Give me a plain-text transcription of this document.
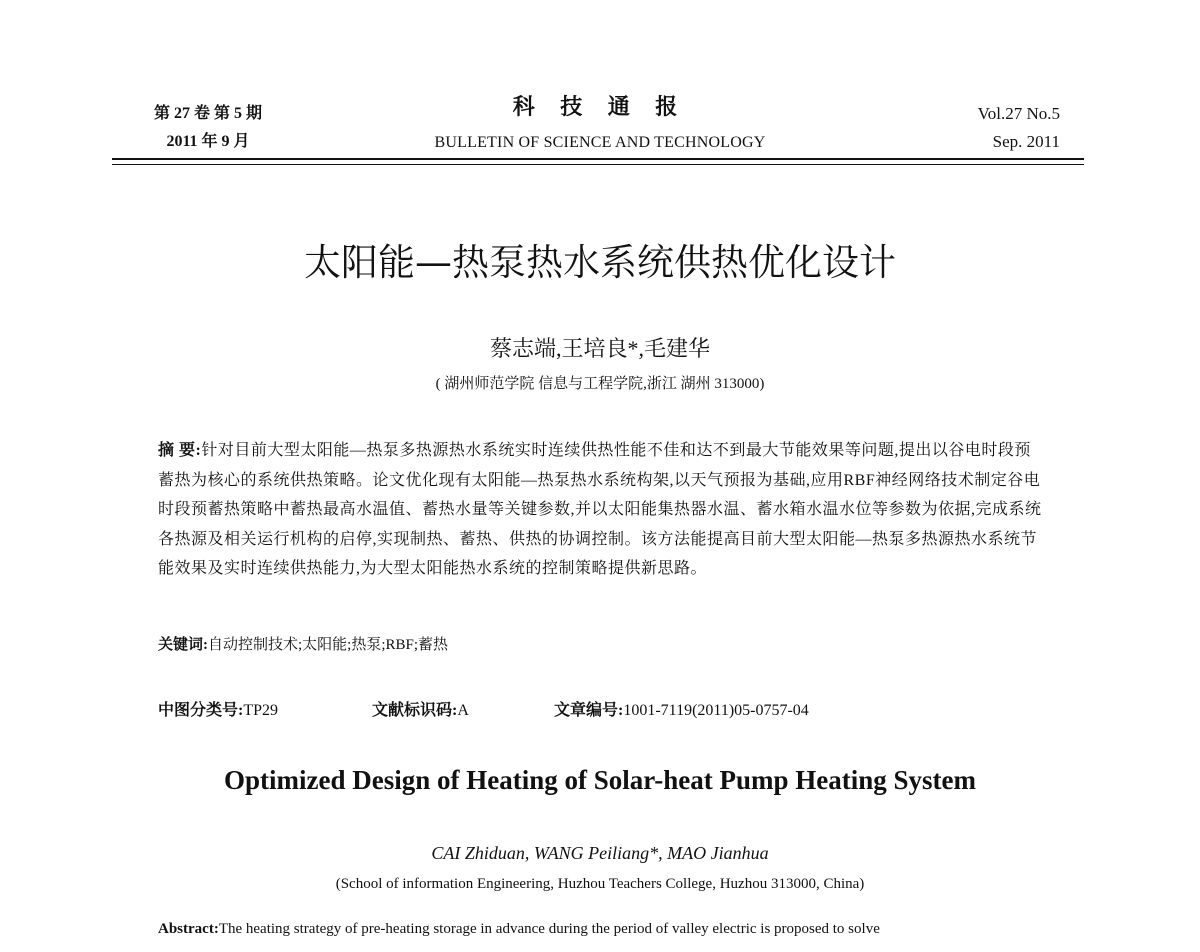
第 27 卷 第 5 期
2011 年 9 月
科 技 通 报
BULLETIN OF SCIENCE AND TECHNOLOGY
Vol.27 No.5
Sep. 2011
太阳能—热泵热水系统供热优化设计
蔡志端,王培良*,毛建华
( 湖州师范学院 信息与工程学院,浙江 湖州 313000)
摘 要:针对目前大型太阳能—热泵多热源热水系统实时连续供热性能不佳和达不到最大节能效果等问题,提出以谷电时段预蓄热为核心的系统供热策略。论文优化现有太阳能—热泵热水系统构架,以天气预报为基础,应用RBF神经网络技术制定谷电时段预蓄热策略中蓄热最高水温值、蓄热水量等关键参数,并以太阳能集热器水温、蓄水箱水温水位等参数为依据,完成系统各热源及相关运行机构的启停,实现制热、蓄热、供热的协调控制。该方法能提高目前大型太阳能—热泵多热源热水系统节能效果及实时连续供热能力,为大型太阳能热水系统的控制策略提供新思路。
关键词:自动控制技术;太阳能;热泵;RBF;蓄热
中图分类号:TP29	文献标识码:A	文章编号:1001-7119(2011)05-0757-04
Optimized Design of Heating of Solar-heat Pump Heating System
CAI Zhiduan, WANG Peiliang*, MAO Jianhua
(School of information Engineering, Huzhou Teachers College, Huzhou 313000, China)
Abstract:The heating strategy of pre-heating storage in advance during the period of valley electric is proposed to solve
